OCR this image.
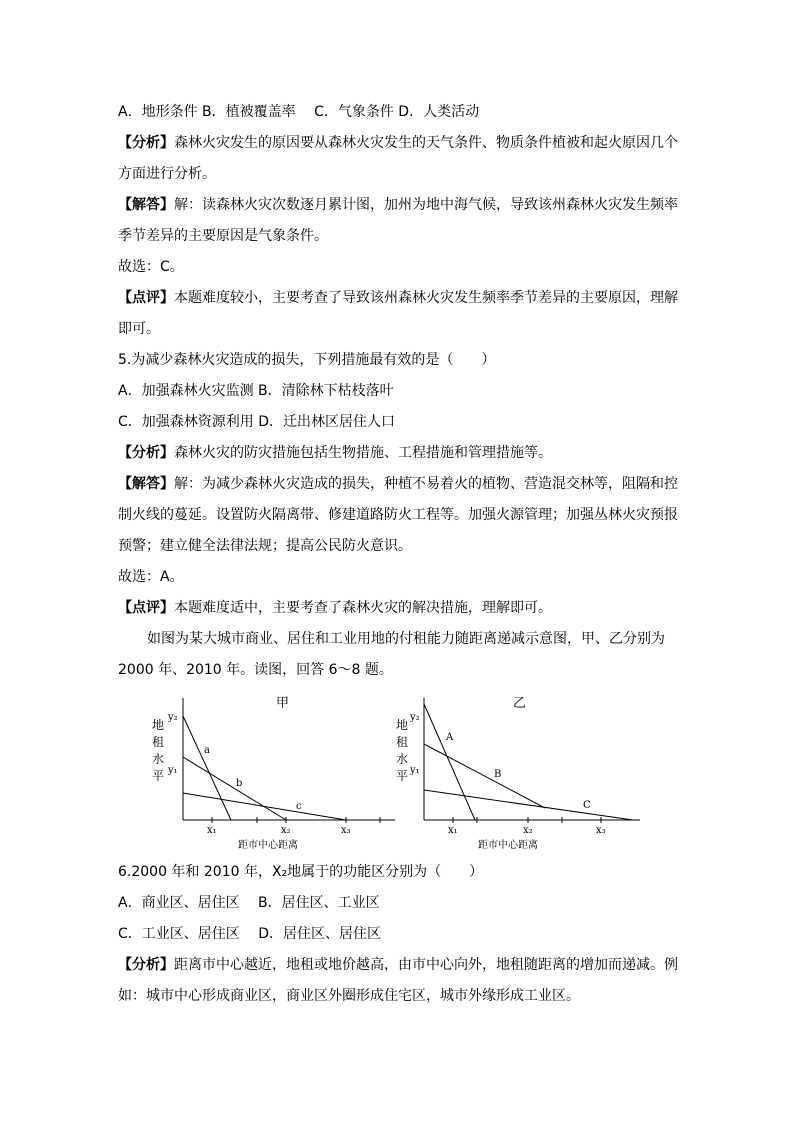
A．地形条件 B．植被覆盖率　 C．气象条件 D．人类活动
【分析】森林火灾发生的原因要从森林火灾发生的天气条件、物质条件植被和起火原因几个
方面进行分析。
【解答】解：读森林火灾次数逐月累计图，加州为地中海气候，导致该州森林火灾发生频率
季节差异的主要原因是气象条件。
故选：C。
【点评】本题难度较小，主要考查了导致该州森林火灾发生频率季节差异的主要原因，理解
即可。
5.为减少森林火灾造成的损失，下列措施最有效的是（　　）
A．加强森林火灾监测 B．清除林下枯枝落叶
C．加强森林资源利用 D．迁出林区居住人口
【分析】森林火灾的防灾措施包括生物措施、工程措施和管理措施等。
【解答】解：为减少森林火灾造成的损失，种植不易着火的植物、营造混交林等，阻隔和控
制火线的蔓延。设置防火隔离带、修建道路防火工程等。加强火源管理；加强丛林火灾预报
预警；建立健全法律法规；提高公民防火意识。
故选：A。
【点评】本题难度适中，主要考查了森林火灾的解决措施，理解即可。
如图为某大城市商业、居住和工业用地的付租能力随距离递减示意图，甲、乙分别为
2000 年、2010 年。读图，回答 6～8 题。
甲
地
租
水
平
y₂
y₁
x₁	x₂	x₃
距市中心距离
a
b
c
乙
地
租
水
平
y₂
y₁
x₁	x₂	x₃
距市中心距离
A
B
C
6.2000 年和 2010 年，X₂地属于的功能区分别为（　　）
A．商业区、居住区　 B．居住区、工业区
C．工业区、居住区　 D．居住区、居住区
【分析】距离市中心越近，地租或地价越高，由市中心向外，地租随距离的增加而递减。例
如：城市中心形成商业区，商业区外圈形成住宅区，城市外缘形成工业区。
